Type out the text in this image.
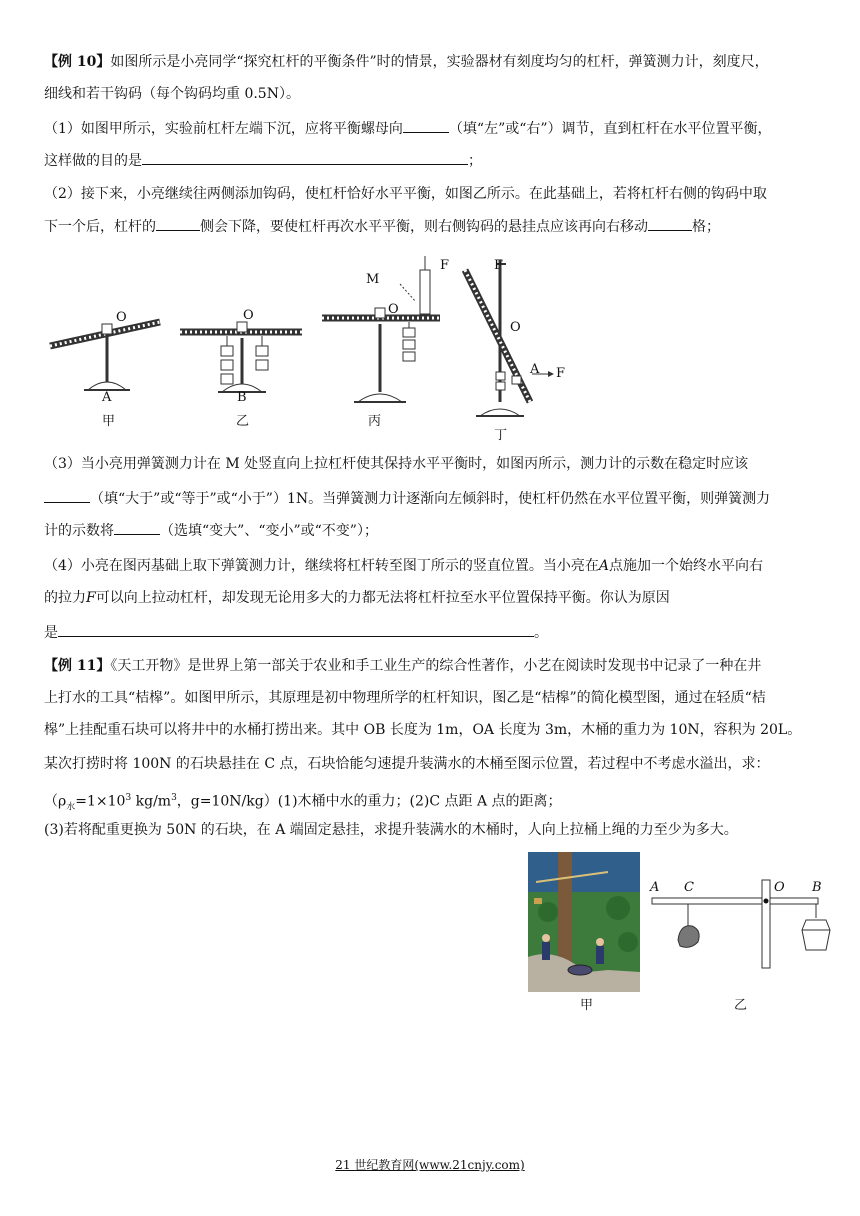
【例 10】如图所示是小亮同学“探究杠杆的平衡条件”时的情景，实验器材有刻度均匀的杠杆，弹簧测力计，刻度尺，
细线和若干钩码（每个钩码均重 0.5N）。
（1）如图甲所示，实验前杠杆左端下沉，应将平衡螺母向	（填“左”或“右”）调节，直到杠杆在水平位置平衡，
这样做的目的是	；
（2）接下来，小亮继续往两侧添加钩码，使杠杆恰好水平平衡，如图乙所示。在此基础上，若将杠杆右侧的钩码中取
下一个后，杠杆的	侧会下降，要使杠杆再次水平平衡，则右侧钩码的悬挂点应该再向右移动	格；
O
A
甲
O
B
乙
O
M
F
丙
O
A F
F
丁
（3）当小亮用弹簧测力计在 M 处竖直向上拉杠杆使其保持水平平衡时，如图丙所示，测力计的示数在稳定时应该
（填“大于”或“等于”或“小于”）1N。当弹簧测力计逐渐向左倾斜时，使杠杆仍然在水平位置平衡，则弹簧测力
计的示数将	（选填“变大”、“变小”或“不变”）；
（4）小亮在图丙基础上取下弹簧测力计，继续将杠杆转至图丁所示的竖直位置。当小亮在A点施加一个始终水平向右
的拉力F可以向上拉动杠杆，却发现无论用多大的力都无法将杠杆拉至水平位置保持平衡。你认为原因
是	。
【例 11】《天工开物》是世界上第一部关于农业和手工业生产的综合性著作，小艺在阅读时发现书中记录了一种在井
上打水的工具“桔槔”。如图甲所示，其原理是初中物理所学的杠杆知识，图乙是“桔槔”的简化模型图，通过在轻质“桔
槔”上挂配重石块可以将井中的水桶打捞出来。其中 OB 长度为 1m，OA 长度为 3m，木桶的重力为 10N，容积为 20L。
某次打捞时将 100N 的石块悬挂在 C 点，石块恰能匀速提升装满水的木桶至图示位置，若过程中不考虑水溢出，求：
（$\rho_水=1\times 10^3$ $kg/m^3$，g=10N/kg）(1)木桶中水的重力；(2)C 点距 A 点的距离；
(3)若将配重更换为 50N 的石块，在 A 端固定悬挂，求提升装满水的木桶时，人向上拉桶上绳的力至少为多大。
甲
A C	O B
乙
21 世纪教育网(www.21cnjy.com)
